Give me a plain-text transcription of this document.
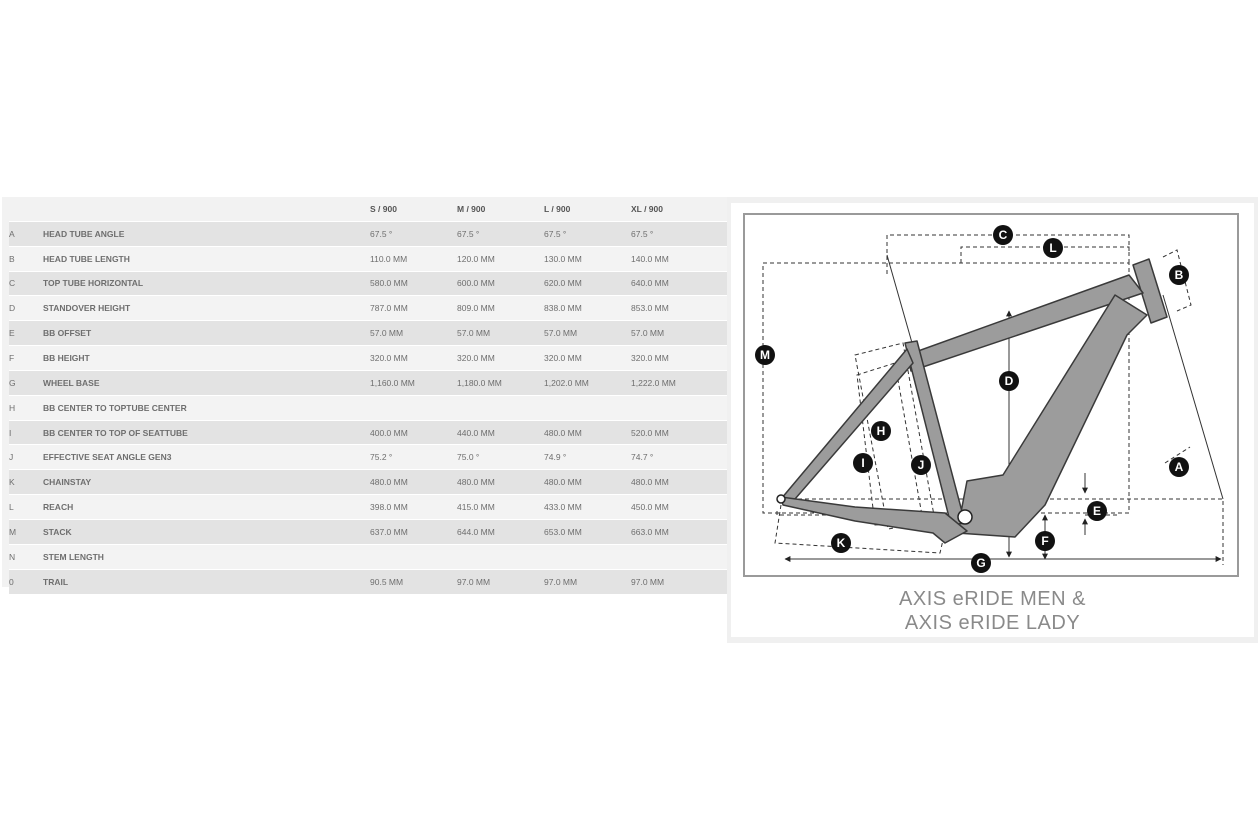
		S / 900	M / 900	L / 900	XL / 900
A	HEAD TUBE ANGLE	67.5 °	67.5 °	67.5 °	67.5 °
B	HEAD TUBE LENGTH	110.0 MM	120.0 MM	130.0 MM	140.0 MM
C	TOP TUBE HORIZONTAL	580.0 MM	600.0 MM	620.0 MM	640.0 MM
D	STANDOVER HEIGHT	787.0 MM	809.0 MM	838.0 MM	853.0 MM
E	BB OFFSET	57.0 MM	57.0 MM	57.0 MM	57.0 MM
F	BB HEIGHT	320.0 MM	320.0 MM	320.0 MM	320.0 MM
G	WHEEL BASE	1,160.0 MM	1,180.0 MM	1,202.0 MM	1,222.0 MM
H	BB CENTER TO TOPTUBE CENTER				
I	BB CENTER TO TOP OF SEATTUBE	400.0 MM	440.0 MM	480.0 MM	520.0 MM
J	EFFECTIVE SEAT ANGLE GEN3	75.2 °	75.0 °	74.9 °	74.7 °
K	CHAINSTAY	480.0 MM	480.0 MM	480.0 MM	480.0 MM
L	REACH	398.0 MM	415.0 MM	433.0 MM	450.0 MM
M	STACK	637.0 MM	644.0 MM	653.0 MM	663.0 MM
N	STEM LENGTH				
0	TRAIL	90.5 MM	97.0 MM	97.0 MM	97.0 MM
C
L
B
M
D
H
I	J	A
E
K	F
G
AXIS eRIDE MEN &
AXIS eRIDE LADY
